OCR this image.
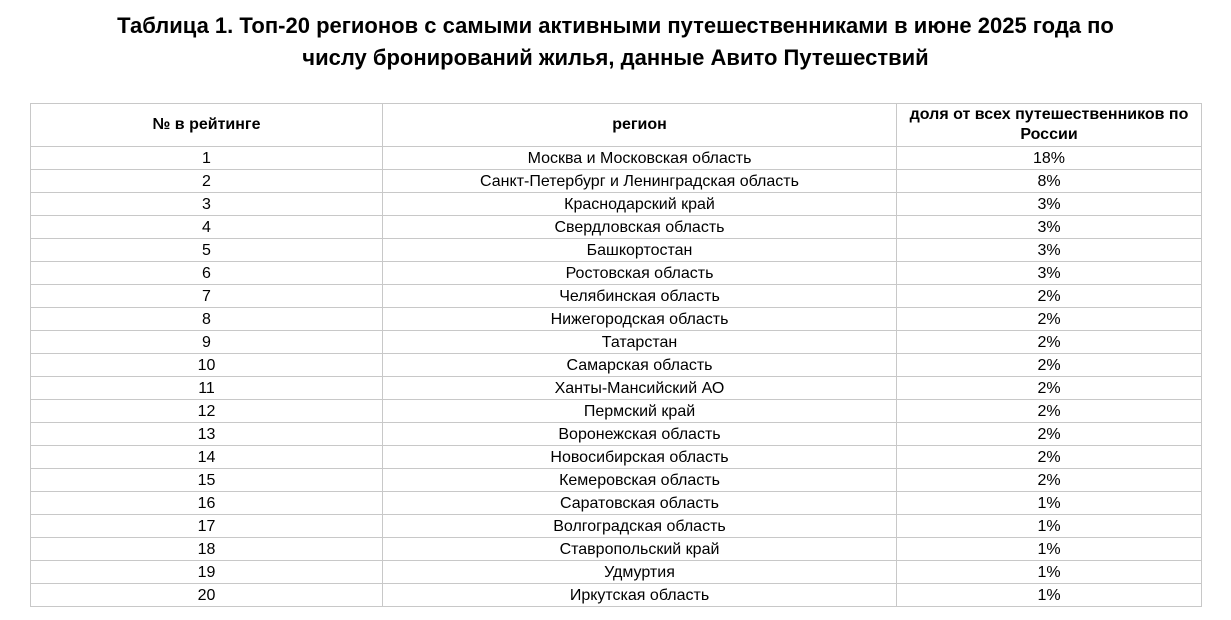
Таблица 1. Топ-20 регионов с самыми активными путешественниками в июне 2025 года по
числу бронирований жилья, данные Авито Путешествий
№ в рейтинге	регион	доля от всех путешественников по России
1	Москва и Московская область	18%
2	Санкт-Петербург и Ленинградская область	8%
3	Краснодарский край	3%
4	Свердловская область	3%
5	Башкортостан	3%
6	Ростовская область	3%
7	Челябинская область	2%
8	Нижегородская область	2%
9	Татарстан	2%
10	Самарская область	2%
11	Ханты-Мансийский АО	2%
12	Пермский край	2%
13	Воронежская область	2%
14	Новосибирская область	2%
15	Кемеровская область	2%
16	Саратовская область	1%
17	Волгоградская область	1%
18	Ставропольский край	1%
19	Удмуртия	1%
20	Иркутская область	1%
